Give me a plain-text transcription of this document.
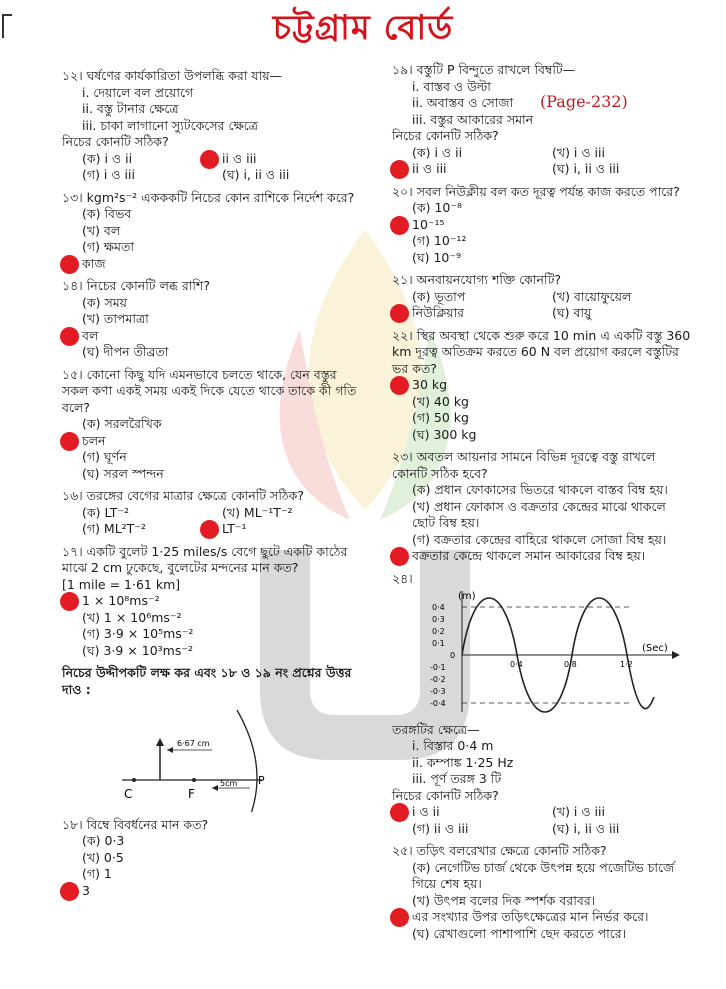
চট্টগ্রাম বোর্ড
(Page-232)
১২। ঘর্ষণের কার্যকারিতা উপলব্ধি করা যায়—
i. দেয়ালে বল প্রয়োগে
ii. বস্তু টানার ক্ষেত্রে
iii. চাকা লাগানো স্যুটকেসের ক্ষেত্রে
নিচের কোনটি সঠিক?
(ক) i ও ii	ii ও iii
(গ) i ও iii	(ঘ) i, ii ও iii
১৩। kgm²s⁻² একককটি নিচের কোন রাশিকে নির্দেশ করে?
(ক) বিভব
(খ) বল
(গ) ক্ষমতা
কাজ
১৪। নিচের কোনটি লব্ধ রাশি?
(ক) সময়
(খ) তাপমাত্রা
বল
(ঘ) দীপন তীব্রতা
১৫। কোনো কিছু যদি এমনভাবে চলতে থাকে, যেন বস্তুর সকল কণা একই সময় একই দিকে যেতে থাকে তাকে কী গতি বলে?
(ক) সরলরৈখিক
চলন
(গ) ঘূর্ণন
(ঘ) সরল স্পন্দন
১৬। তরঙ্গের বেগের মাত্রার ক্ষেত্রে কোনটি সঠিক?
(ক) LT⁻²	(খ) ML⁻¹T⁻²
(গ) ML²T⁻²	LT⁻¹
১৭। একটি বুলেট 1·25 miles/s বেগে ছুটে একটি কাঠের মাঝে 2 cm ঢুকেছে, বুলেটের মন্দনের মান কত?
[1 mile = 1·61 km]
1 × 10⁸ms⁻²
(খ) 1 × 10⁶ms⁻²
(গ) 3·9 × 10⁵ms⁻²
(ঘ) 3·9 × 10³ms⁻²
নিচের উদ্দীপকটি লক্ষ কর এবং ১৮ ও ১৯ নং প্রশ্নের উত্তর দাও :
C	F
P
6·67 cm
5cm
১৮। বিম্বে বিবর্ধনের মান কত?
(ক) 0·3
(খ) 0·5
(গ) 1
3
১৯। বস্তুটি P বিন্দুতে রাখলে বিম্বটি—
i. বাস্তব ও উল্টা
ii. অবাস্তব ও সোজা
iii. বস্তুর আকারের সমান
নিচের কোনটি সঠিক?
(ক) i ও ii	(খ) i ও iii
ii ও iii	(ঘ) i, ii ও iii
২০। সবল নিউক্লীয় বল কত দূরত্ব পর্যন্ত কাজ করতে পারে?
(ক) 10⁻⁸
10⁻¹⁵
(গ) 10⁻¹²
(ঘ) 10⁻⁹
২১। অনবায়নযোগ্য শক্তি কোনটি?
(ক) ভূতাপ	(খ) বায়োফুয়েল
নিউক্লিয়ার	(ঘ) বায়ু
২২। স্থির অবস্থা থেকে শুরু করে 10 min এ একটি বস্তু 360 km দূরত্ব অতিক্রম করতে 60 N বল প্রয়োগ করলে বস্তুটির ভর কত?
30 kg
(খ) 40 kg
(গ) 50 kg
(ঘ) 300 kg
২৩। অবতল আয়নার সামনে বিভিন্ন দূরত্বে বস্তু রাখলে কোনটি সঠিক হবে?
(ক) প্রধান ফোকাসের ভিতরে থাকলে বাস্তব বিম্ব হয়।
(খ) প্রধান ফোকাস ও বক্রতার কেন্দ্রের মাঝে থাকলে ছোট বিম্ব হয়।
(গ) বক্রতার কেন্দ্রের বাহিরে থাকলে সোজা বিম্ব হয়।
বক্রতার কেন্দ্রে থাকলে সমান আকারের বিম্ব হয়।
২৪।
(m)
(Sec)
0·4
0·3
0·2
0·1
0
-0·1
-0·2
-0·3
-0·4
0·4	0·8	1·2
তরঙ্গটির ক্ষেত্রে—
i. বিস্তার 0·4 m
ii. কম্পাঙ্ক 1·25 Hz
iii. পূর্ণ তরঙ্গ 3 টি
নিচের কোনটি সঠিক?
i ও ii	(খ) i ও iii
(গ) ii ও iii	(ঘ) i, ii ও iii
২৫। তড়িৎ বলরেখার ক্ষেত্রে কোনটি সঠিক?
(ক) নেগেটিভ চার্জ থেকে উৎপন্ন হয়ে পজেটিভ চার্জে গিয়ে শেষ হয়।
(খ) উৎপন্ন বলের দিক স্পর্শক বরাবর।
এর সংখ্যার উপর তড়িৎক্ষেত্রের মান নির্ভর করে।
(ঘ) রেখাগুলো পাশাপাশি ছেদ করতে পারে।
